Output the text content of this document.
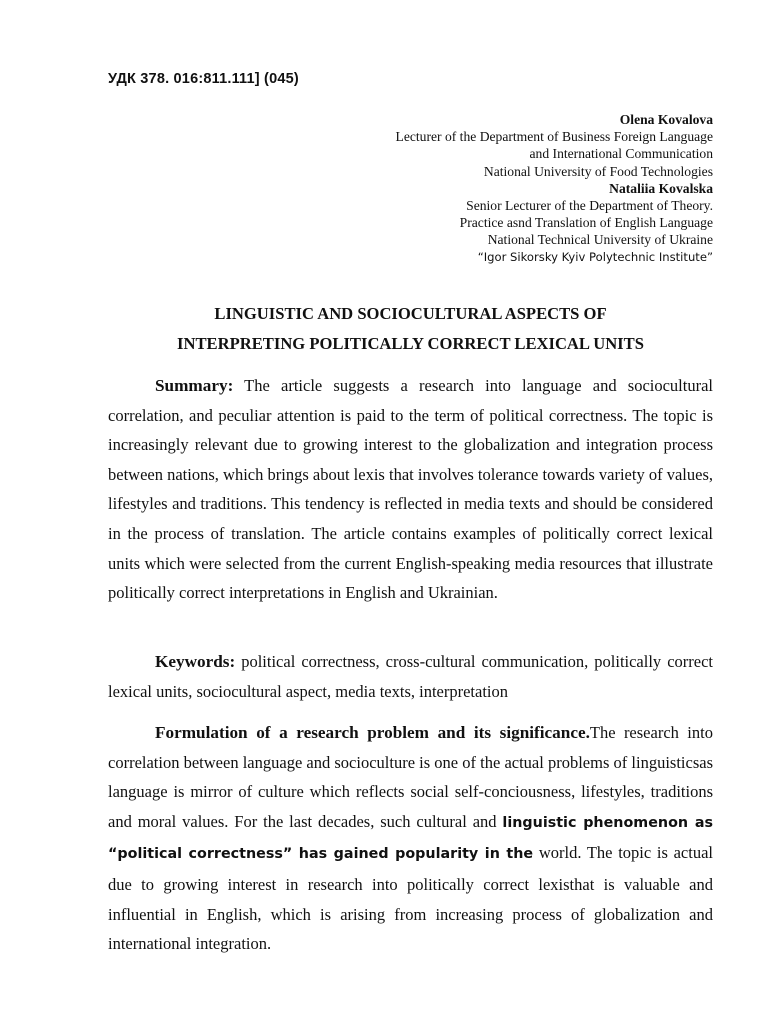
УДК 378. 016:811.111] (045)
Olena Kovalova
Lecturer of the Department of Business Foreign Language
and International Communication
National University of Food Technologies
Nataliia Kovalska
Senior Lecturer of the Department of Theory.
Practice asnd Translation of English Language
National Technical University of Ukraine
“Igor Sikorsky Kyiv Polytechnic Institute”
LINGUISTIC AND SOCIOCULTURAL ASPECTS OF
INTERPRETING POLITICALLY CORRECT LEXICAL UNITS
Summary: The article suggests a research into language and sociocultural correlation, and peculiar attention is paid to the term of political correctness. The topic is increasingly relevant due to growing interest to the globalization and integration process between nations, which brings about lexis that involves tolerance towards variety of values, lifestyles and traditions. This tendency is reflected in media texts and should be considered in the process of translation. The article contains examples of politically correct lexical units which were selected from the current English-speaking media resources that illustrate politically correct interpretations in English and Ukrainian.
Keywords: political correctness, cross-cultural communication, politically correct lexical units, sociocultural aspect, media texts, interpretation
Formulation of a research problem and its significance.The research into correlation between language and socioculture is one of the actual problems of linguisticsas language is mirror of culture which reflects social self-conciousness, lifestyles, traditions and moral values. For the last decades, such cultural and linguistic phenomenon as “political correctness” has gained popularity in the world. The topic is actual due to growing interest in research into politically correct lexisthat is valuable and influential in English, which is arising from increasing process of globalization and international integration.
